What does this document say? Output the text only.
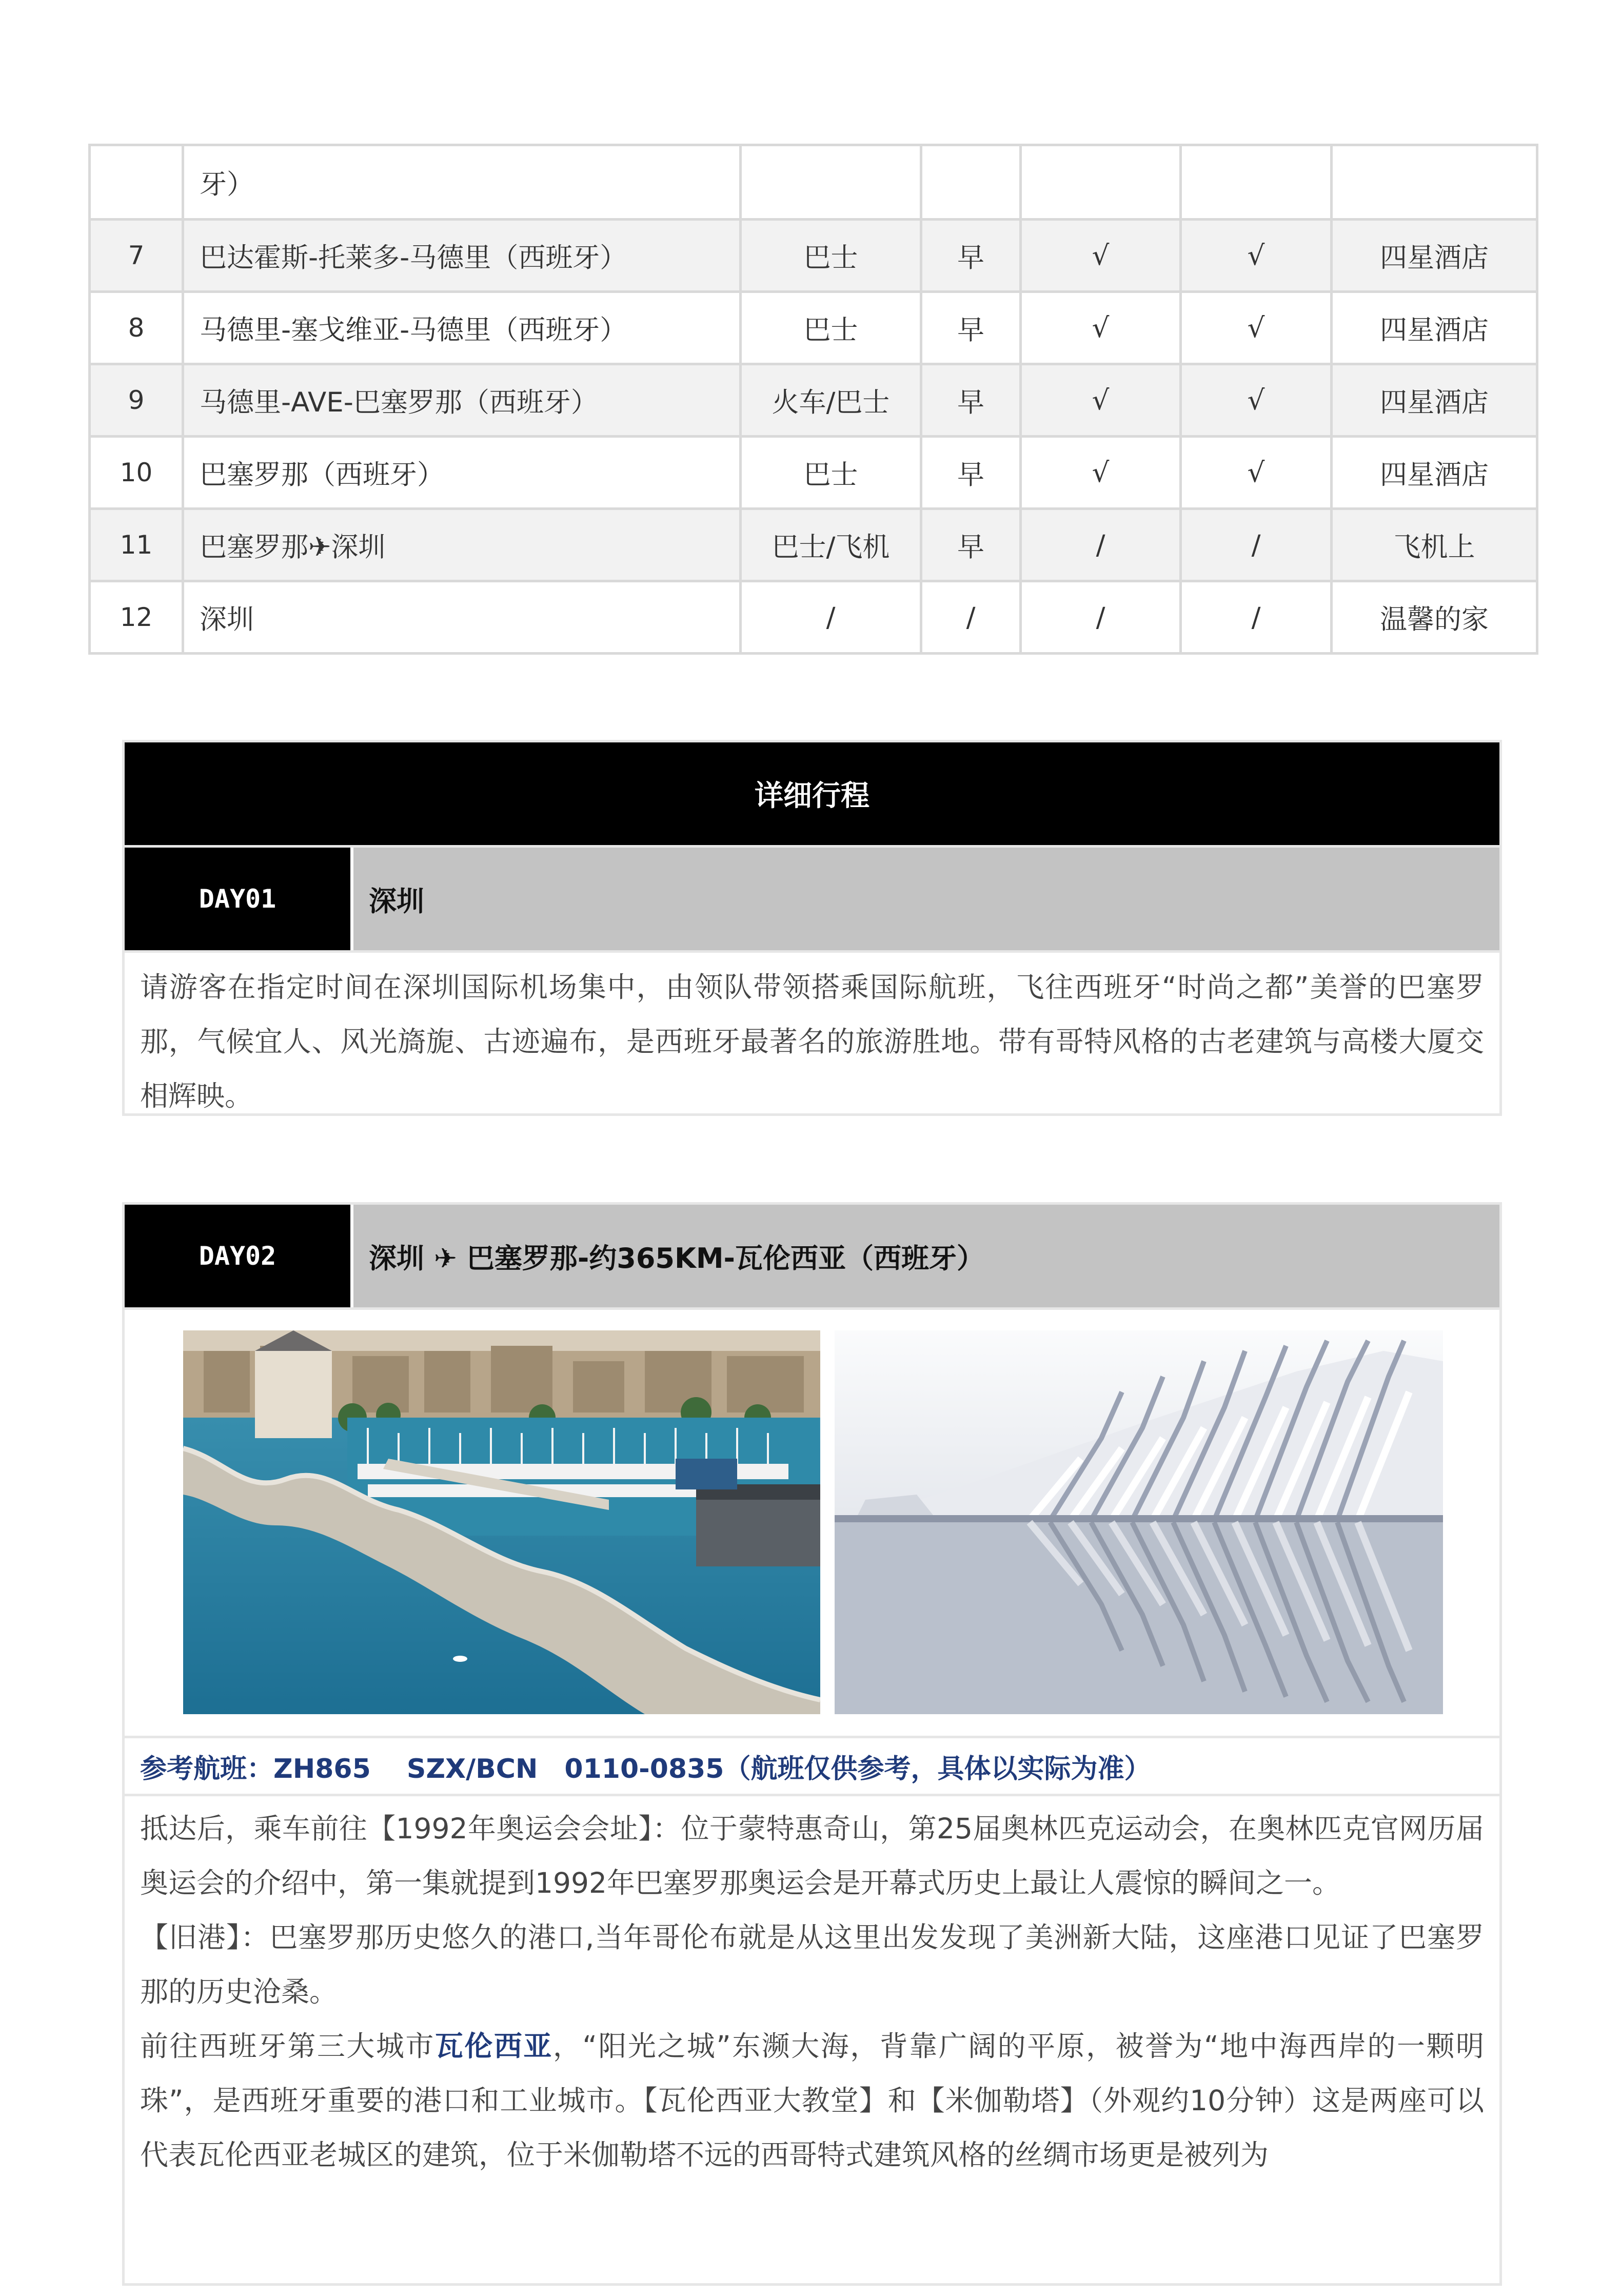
	牙）					
7	巴达霍斯-托莱多-马德里（西班牙）	巴士	早	√	√	四星酒店
8	马德里-塞戈维亚-马德里（西班牙）	巴士	早	√	√	四星酒店
9	马德里-AVE-巴塞罗那（西班牙）	火车/巴士	早	√	√	四星酒店
10	巴塞罗那（西班牙）	巴士	早	√	√	四星酒店
11	巴塞罗那✈深圳	巴士/飞机	早	/	/	飞机上
12	深圳	/	/	/	/	温馨的家
详细行程
DAY01	深圳
请游客在指定时间在深圳国际机场集中，由领队带领搭乘国际航班，飞往西班牙“时尚之都”美誉的巴塞罗那，气候宜人、风光旖旎、古迹遍布，是西班牙最著名的旅游胜地。带有哥特风格的古老建筑与高楼大厦交相辉映。
DAY02	深圳 ✈ 巴塞罗那-约365KM-瓦伦西亚（西班牙）
参考航班：ZH865　 SZX/BCN　0110-0835（航班仅供参考，具体以实际为准）
抵达后，乘车前往【1992年奥运会会址】：位于蒙特惠奇山，第25届奥林匹克运动会，在奥林匹克官网历届奥运会的介绍中，第一集就提到1992年巴塞罗那奥运会是开幕式历史上最让人震惊的瞬间之一。
【旧港】：巴塞罗那历史悠久的港口,当年哥伦布就是从这里出发发现了美洲新大陆，这座港口见证了巴塞罗那的历史沧桑。
前往西班牙第三大城市瓦伦西亚，“阳光之城”东濒大海，背靠广阔的平原，被誉为“地中海西岸的一颗明珠”，是西班牙重要的港口和工业城市。【瓦伦西亚大教堂】和【米伽勒塔】（外观约10分钟）这是两座可以代表瓦伦西亚老城区的建筑，位于米伽勒塔不远的西哥特式建筑风格的丝绸市场更是被列为
